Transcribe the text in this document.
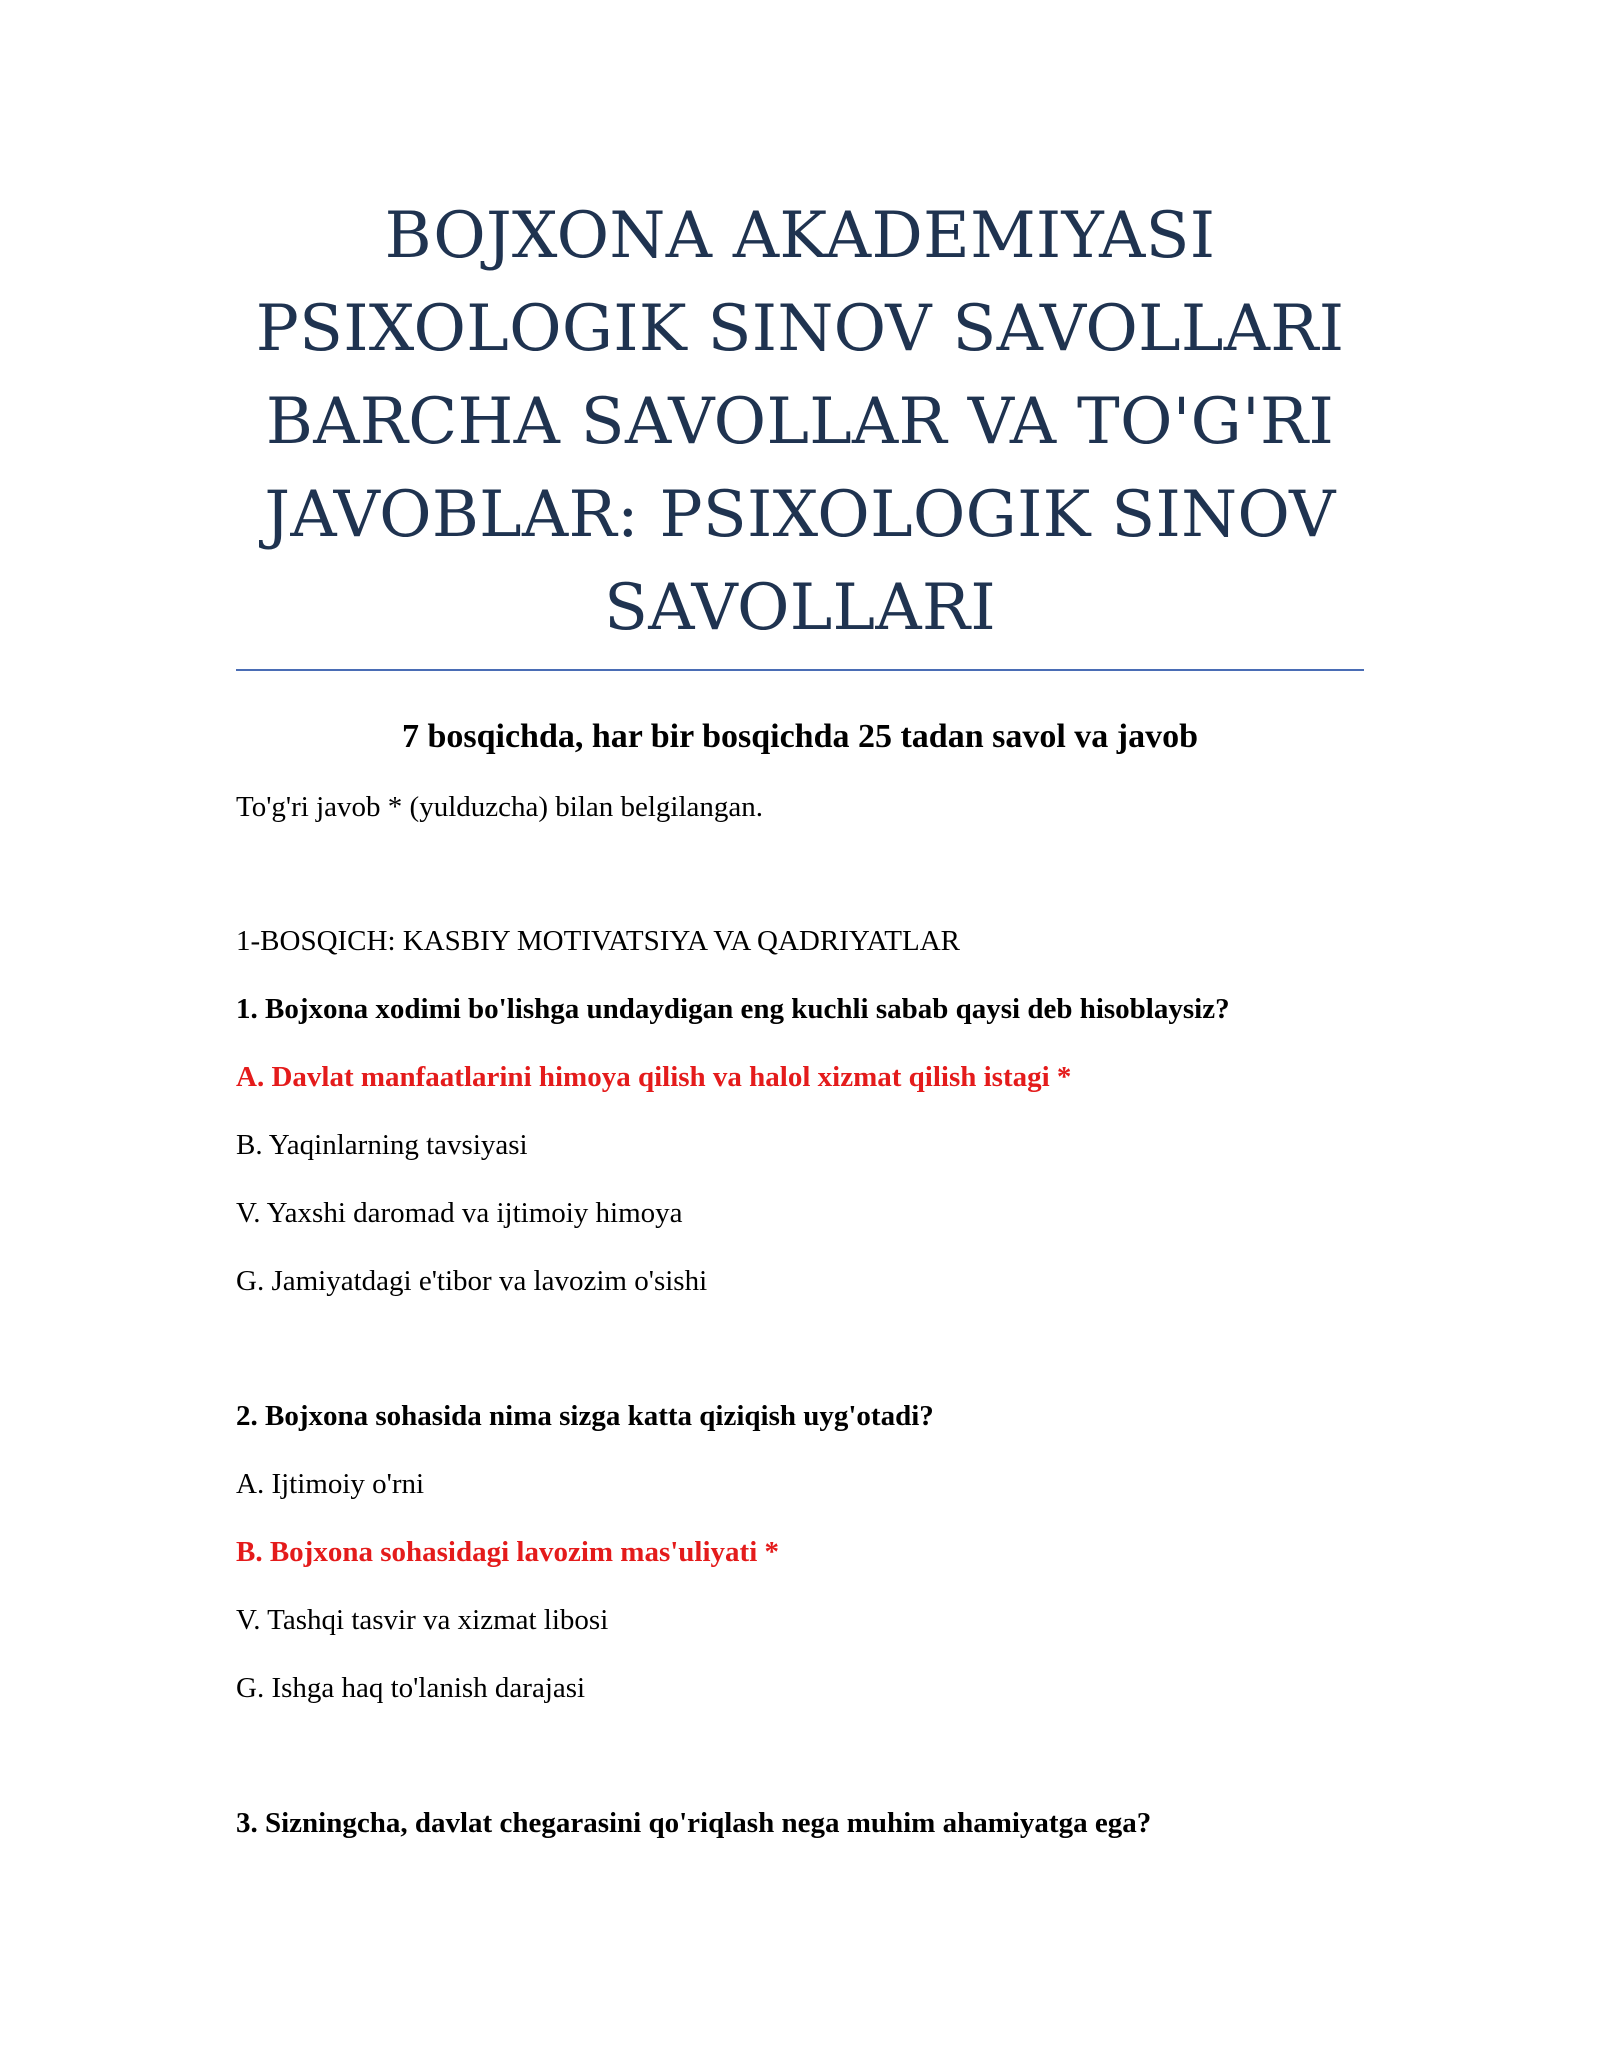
BOJXONA AKADEMIYASI
PSIXOLOGIK SINOV SAVOLLARI
BARCHA SAVOLLAR VA TO'G'RI
JAVOBLAR: PSIXOLOGIK SINOV
SAVOLLARI

7 bosqichda, har bir bosqichda 25 tadan savol va javob

To'g'ri javob * (yulduzcha) bilan belgilangan.

1-BOSQICH: KASBIY MOTIVATSIYA VA QADRIYATLAR

1. Bojxona xodimi bo'lishga undaydigan eng kuchli sabab qaysi deb hisoblaysiz?

A. Davlat manfaatlarini himoya qilish va halol xizmat qilish istagi *

B. Yaqinlarning tavsiyasi

V. Yaxshi daromad va ijtimoiy himoya

G. Jamiyatdagi e'tibor va lavozim o'sishi

2. Bojxona sohasida nima sizga katta qiziqish uyg'otadi?

A. Ijtimoiy o'rni

B. Bojxona sohasidagi lavozim mas'uliyati *

V. Tashqi tasvir va xizmat libosi

G. Ishga haq to'lanish darajasi

3. Sizningcha, davlat chegarasini qo'riqlash nega muhim ahamiyatga ega?
